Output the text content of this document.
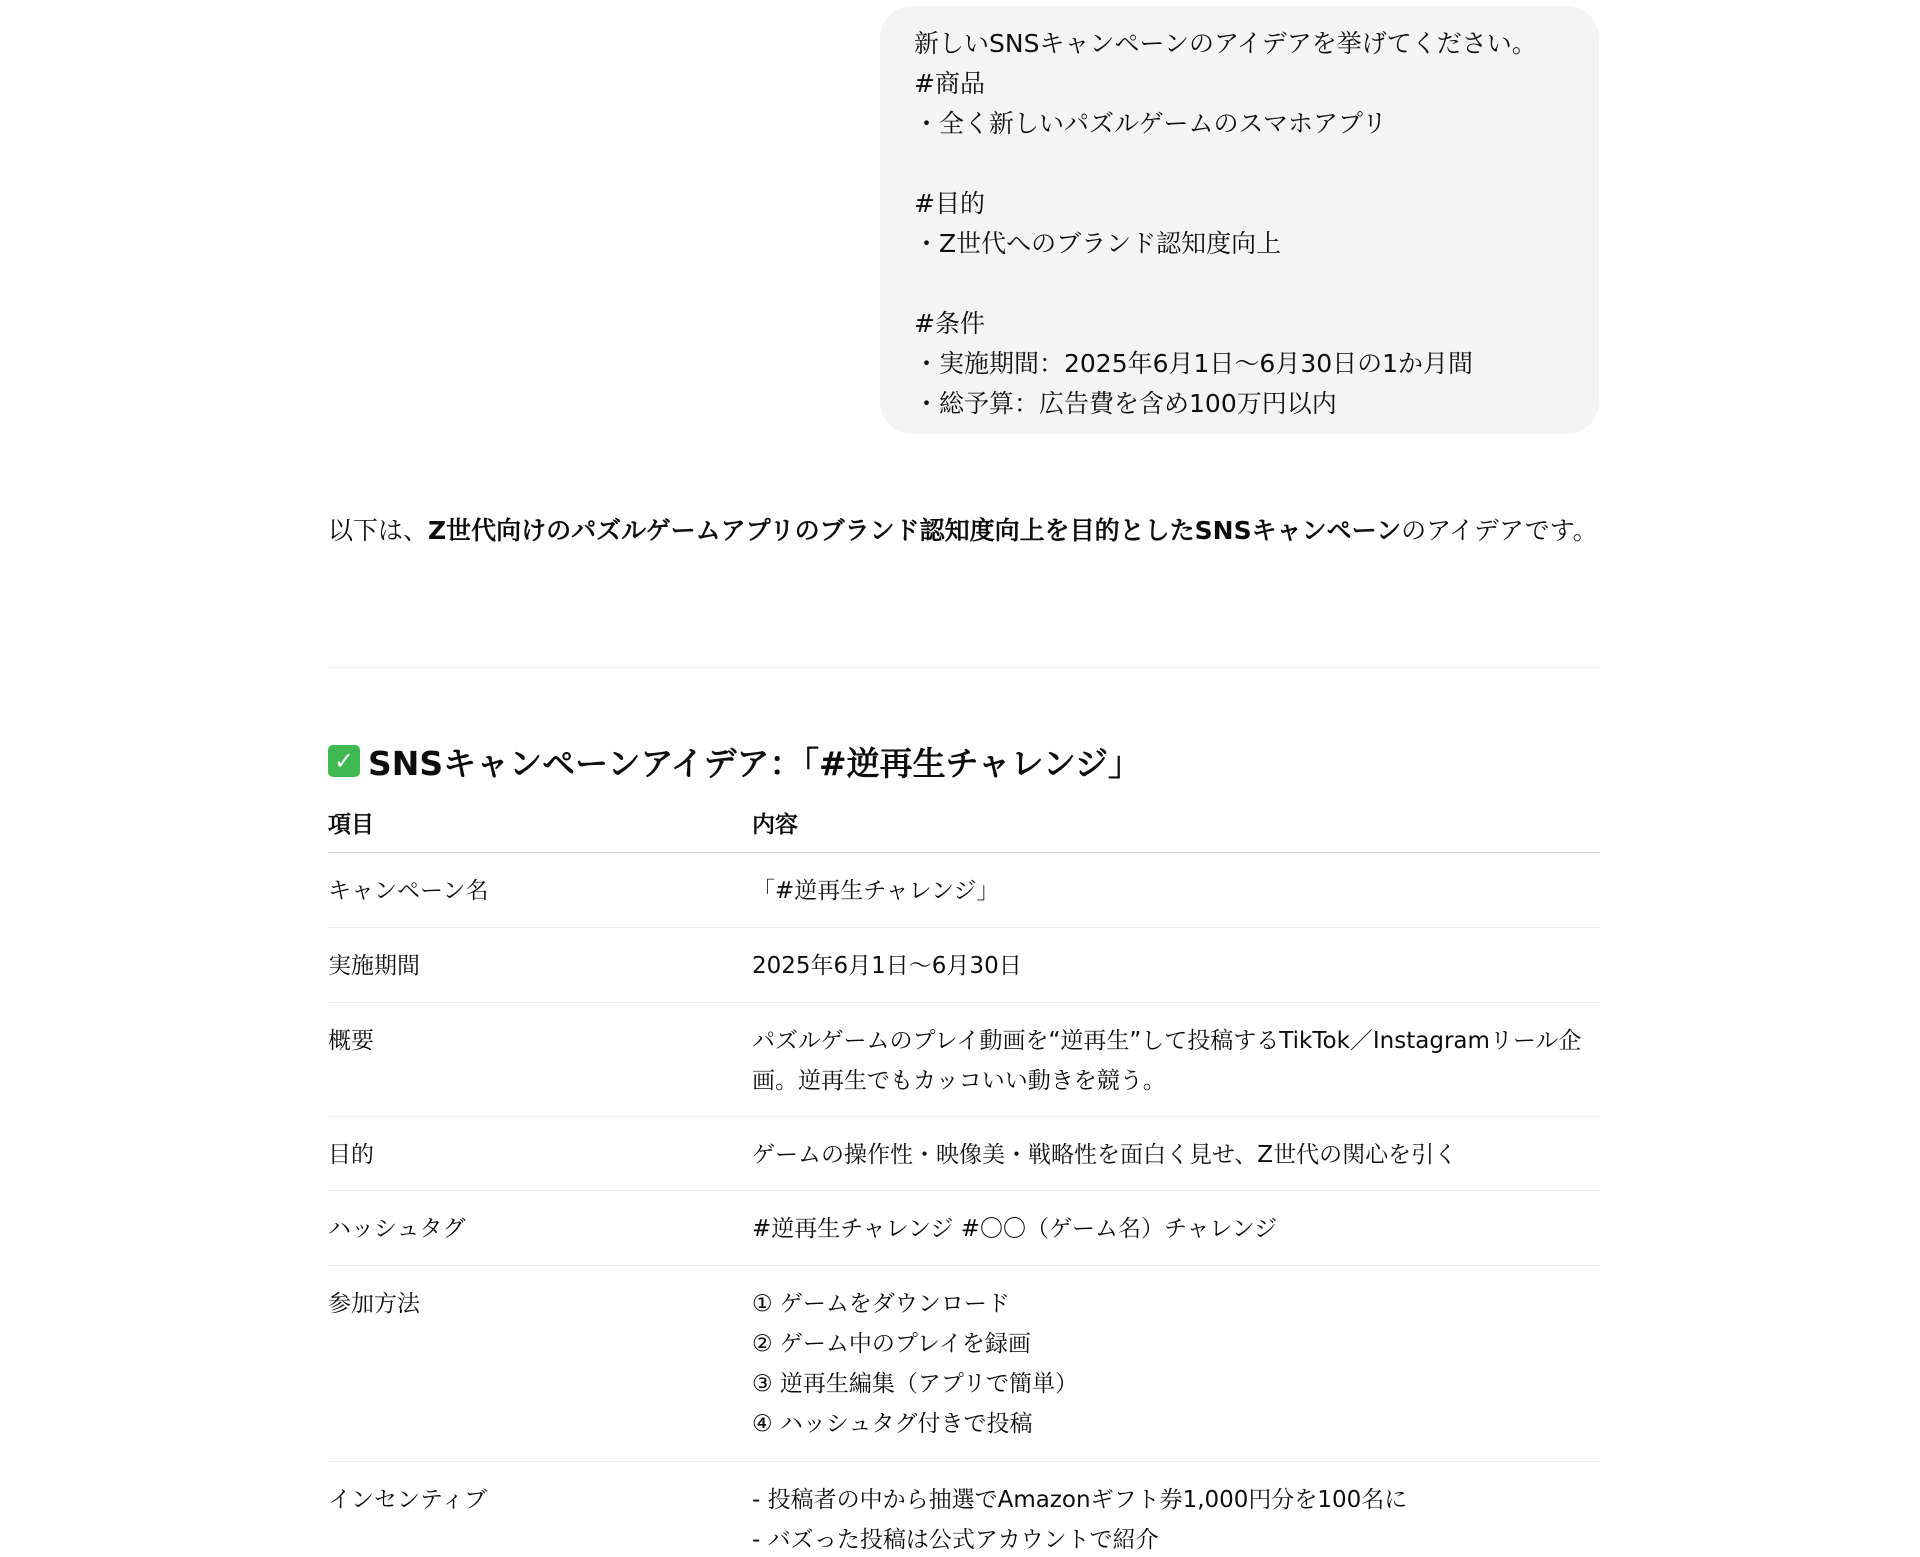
新しいSNSキャンペーンのアイデアを挙げてください。
#商品
・全く新しいパズルゲームのスマホアプリ
#目的
・Z世代へのブランド認知度向上
#条件
・実施期間：2025年6月1日〜6月30日の1か月間
・総予算：広告費を含め100万円以内
以下は、Z世代向けのパズルゲームアプリのブランド認知度向上を目的としたSNSキャンペーンのアイデアです。
✓ SNSキャンペーンアイデア：「#逆再生チャレンジ」
項目	内容
キャンペーン名	「#逆再生チャレンジ」
実施期間	2025年6月1日〜6月30日
概要	パズルゲームのプレイ動画を“逆再生”して投稿するTikTok／Instagramリール企
画。逆再生でもカッコいい動きを競う。
目的	ゲームの操作性・映像美・戦略性を面白く見せ、Z世代の関心を引く
ハッシュタグ	#逆再生チャレンジ #〇〇（ゲーム名）チャレンジ
参加方法	① ゲームをダウンロード
② ゲーム中のプレイを録画
③ 逆再生編集（アプリで簡単）
④ ハッシュタグ付きで投稿
インセンティブ	- 投稿者の中から抽選でAmazonギフト券1,000円分を100名に
- バズった投稿は公式アカウントで紹介
